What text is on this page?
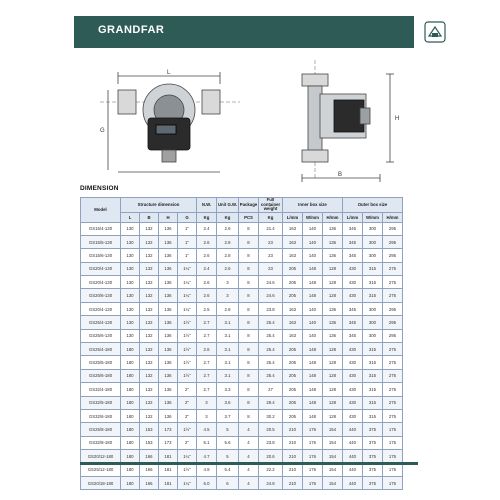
GRANDFAR
L
G
B
H
DIMENSION
Model	Structure dimension				N.W.	Unit G.W.	Package	Full container weight	Inner box size			Outer box size		
	L	B	H	G	Kg	Kg	PCS	Kg	L/mm	W/mm	H/mm	L/mm	W/mm	H/mm
GS15/4-130	130	132	136	1"	2.4	2.6	8	21.4	163	140	136	345	300	295
GS15/5-130	130	132	136	1"	2.6	2.8	8	23	163	140	136	345	300	295
GS15/6-130	130	132	136	1"	2.6	2.8	8	23	163	140	136	345	300	295
GS20/4-130	130	132	136	1¼"	2.4	2.6	8	23	205	148	128	430	315	275
GS20/4-130	130	132	136	1¼"	2.6	3	8	24.6	205	148	128	430	315	275
GS20/6-130	130	132	136	1¼"	2.6	3	8	24.6	205	148	128	430	315	275
GS20/4-130	130	132	136	1¼"	2.5	2.8	8	23.8	163	140	136	345	300	295
GS25/4-130	130	132	136	1½"	2.7	3.1	8	25.4	163	140	136	345	300	295
GS25/6-130	130	132	136	1½"	2.7	3.1	8	25.4	163	140	136	345	300	295
GS25/4-180	180	132	136	1½"	2.6	3.1	8	25.4	205	148	128	430	315	275
GS25/5-180	180	132	136	1½"	2.7	3.1	8	25.4	205	148	128	430	315	275
GS25/6-180	180	132	136	1½"	2.7	3.1	8	25.4	205	148	128	430	315	275
GS32/4-180	180	132	136	2"	2.7	3.3	8	27	205	148	128	430	315	275
GS32/5-180	180	132	136	2"	3	3.6	8	29.4	205	148	128	430	315	275
GS32/6-180	180	132	136	2"	3	3.7	8	30.2	205	148	128	430	315	275
GS25/8-180	180	153	173	1½"	4.5	5	4	20.5	210	176	154	440	375	175
GS32/8-180	180	153	173	2"	5.1	5.6	4	23.8	210	176	154	440	375	175
GS20/12-180	180	166	181	1¼"	4.7	5	4	20.6	210	176	154	440	375	175
GS25/12-180	180	166	181	1½"	4.9	5.4	4	22.2	210	176	154	440	375	175
GS20/18-180	180	166	181	1¼"	6.0	6	4	24.8	210	176	154	440	375	175
